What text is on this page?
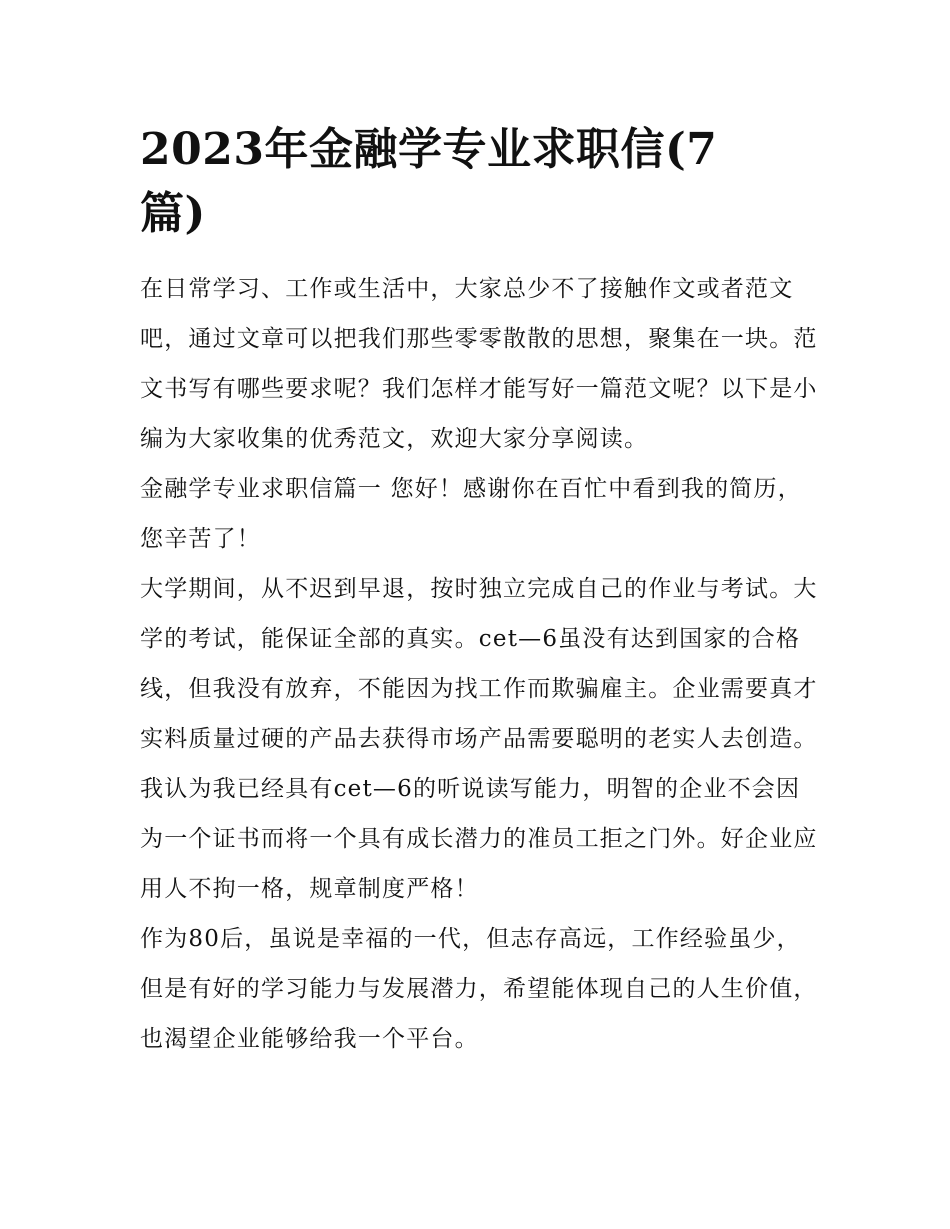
2023年金融学专业求职信(7篇)

在日常学习、工作或生活中，大家总少不了接触作文或者范文吧，通过文章可以把我们那些零零散散的思想，聚集在一块。范文书写有哪些要求呢？我们怎样才能写好一篇范文呢？以下是小编为大家收集的优秀范文，欢迎大家分享阅读。

金融学专业求职信篇一 您好！感谢你在百忙中看到我的简历，您辛苦了！

大学期间，从不迟到早退，按时独立完成自己的作业与考试。大学的考试，能保证全部的真实。cet—6虽没有达到国家的合格线，但我没有放弃，不能因为找工作而欺骗雇主。企业需要真才实料质量过硬的产品去获得市场产品需要聪明的老实人去创造。我认为我已经具有cet—6的听说读写能力，明智的企业不会因为一个证书而将一个具有成长潜力的准员工拒之门外。好企业应用人不拘一格，规章制度严格！

作为80后，虽说是幸福的一代，但志存高远，工作经验虽少，但是有好的学习能力与发展潜力，希望能体现自己的人生价值，也渴望企业能够给我一个平台。
